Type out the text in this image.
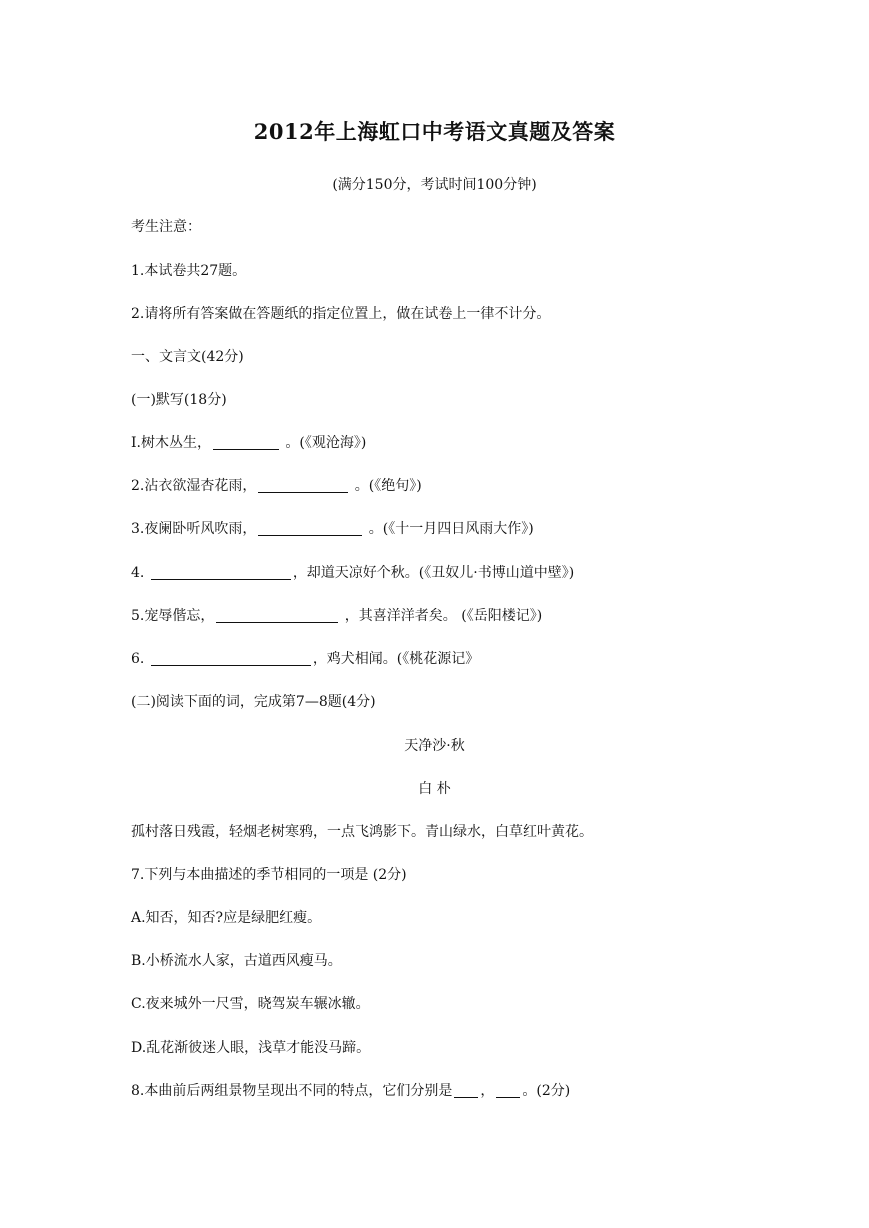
2012年上海虹口中考语文真题及答案
(满分150分，考试时间100分钟)
考生注意：
1.本试卷共27题。
2.请将所有答案做在答题纸的指定位置上，做在试卷上一律不计分。
一、文言文(42分)
(一)默写(18分)
I.树木丛生，	。(《观沧海》)
2.沾衣欲湿杏花雨，	。(《绝句》)
3.夜阑卧听风吹雨，	。(《十一月四日风雨大作》)
4.	，却道天凉好个秋。(《丑奴儿·书博山道中壁》)
5.宠辱偕忘，	，其喜洋洋者矣。 (《岳阳楼记》)
6.	，鸡犬相闻。(《桃花源记》
(二)阅读下面的词，完成第7—8题(4分)
天净沙·秋
白 朴
孤村落日残霞，轻烟老树寒鸦，一点飞鸿影下。青山绿水，白草红叶黄花。
7.下列与本曲描述的季节相同的一项是 (2分)
A.知否，知否?应是绿肥红瘦。
B.小桥流水人家，古道西风瘦马。
C.夜来城外一尺雪，晓驾炭车辗冰辙。
D.乱花渐彼迷人眼，浅草才能没马蹄。
8.本曲前后两组景物呈现出不同的特点，它们分别是 ， 。(2分)
